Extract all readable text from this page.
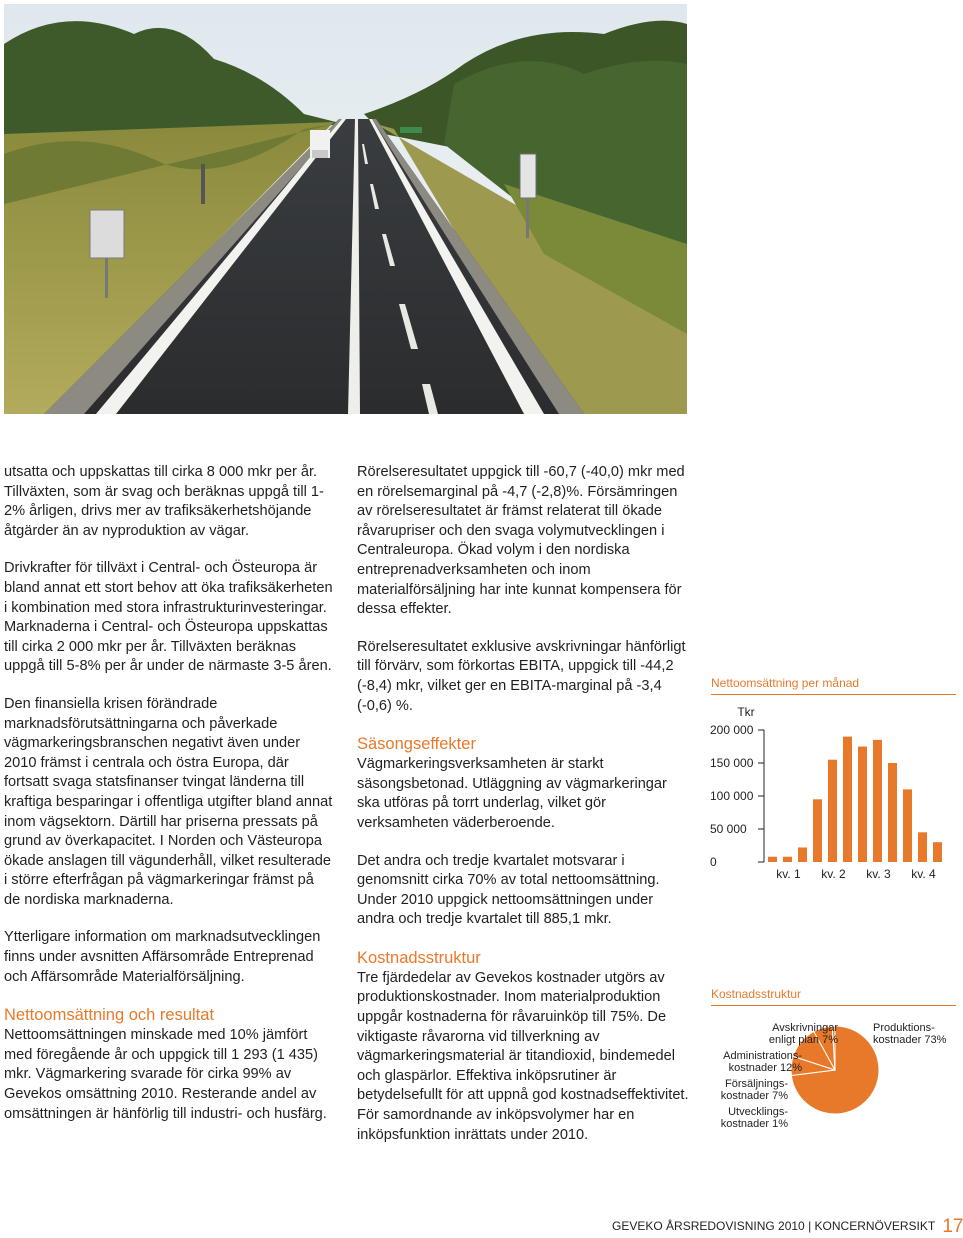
utsatta och uppskattas till cirka 8 000 mkr per år. Tillväxten, som är svag och beräknas uppgå till 1-2% årligen, drivs mer av trafiksäkerhetshöjande åtgärder än av nyproduktion av vägar.

Drivkrafter för tillväxt i Central- och Östeuropa är bland annat ett stort behov att öka trafiksäkerheten i kombination med stora infrastrukturinvesteringar. Marknaderna i Central- och Östeuropa uppskattas till cirka 2 000 mkr per år. Tillväxten beräknas uppgå till 5-8% per år under de närmaste 3-5 åren.

Den finansiella krisen förändrade marknadsförutsättningarna och påverkade vägmarkeringsbranschen negativt även under 2010 främst i centrala och östra Europa, där fortsatt svaga statsfinanser tvingat länderna till kraftiga besparingar i offentliga utgifter bland annat inom vägsektorn. Därtill har priserna pressats på grund av överkapacitet. I Norden och Västeuropa ökade anslagen till vägunderhåll, vilket resulterade i större efterfrågan på vägmarkeringar främst på de nordiska marknaderna.

Ytterligare information om marknadsutvecklingen finns under avsnitten Affärsområde Entreprenad och Affärsområde Materialförsäljning.

Nettoomsättning och resultat

Nettoomsättningen minskade med 10% jämfört med föregående år och uppgick till 1 293 (1 435) mkr. Vägmarkering svarade för cirka 99% av Gevekos omsättning 2010. Resterande andel av omsättningen är hänförlig till industri- och husfärg.

Rörelseresultatet uppgick till -60,7 (-40,0) mkr med en rörelsemarginal på -4,7 (-2,8)%. Försämringen av rörelseresultatet är främst relaterat till ökade råvarupriser och den svaga volymutvecklingen i Centraleuropa. Ökad volym i den nordiska entreprenadverksamheten och inom materialförsäljning har inte kunnat kompensera för dessa effekter.

Rörelseresultatet exklusive avskrivningar hänförligt till förvärv, som förkortas EBITA, uppgick till -44,2 (-8,4) mkr, vilket ger en EBITA-marginal på -3,4 (-0,6) %.

Säsongseffekter

Vägmarkeringsverksamheten är starkt säsongsbetonad. Utläggning av vägmarkeringar ska utföras på torrt underlag, vilket gör verksamheten väderberoende.

Det andra och tredje kvartalet motsvarar i genomsnitt cirka 70% av total nettoomsättning. Under 2010 uppgick nettoomsättningen under andra och tredje kvartalet till 885,1 mkr.

Kostnadsstruktur

Tre fjärdedelar av Gevekos kostnader utgörs av produktionskostnader. Inom materialproduktion uppgår kostnaderna för råvaruinköp till 75%. De viktigaste råvarorna vid tillverkning av vägmarkeringsmaterial är titandioxid, bindemedel och glaspärlor. Effektiva inköpsrutiner är betydelsefullt för att uppnå god kostnadseffektivitet. För samordnande av inköpsvolymer har en inköpsfunktion inrättats under 2010.

Nettoomsättning per månad
Tkr
200 000
150 000
100 000
50 000
0
kv. 1 kv. 2 kv. 3 kv. 4
Kostnadsstruktur
Produktions-
kostnader 73%
Avskrivningar
enligt plan 7%
Administrations-
kostnader 12%
Försäljnings-
kostnader 7%
Utvecklings-
kostnader 1%
GEVEKO ÅRSREDOVISNING 2010 | KONCERNÖVERSIKT 17
